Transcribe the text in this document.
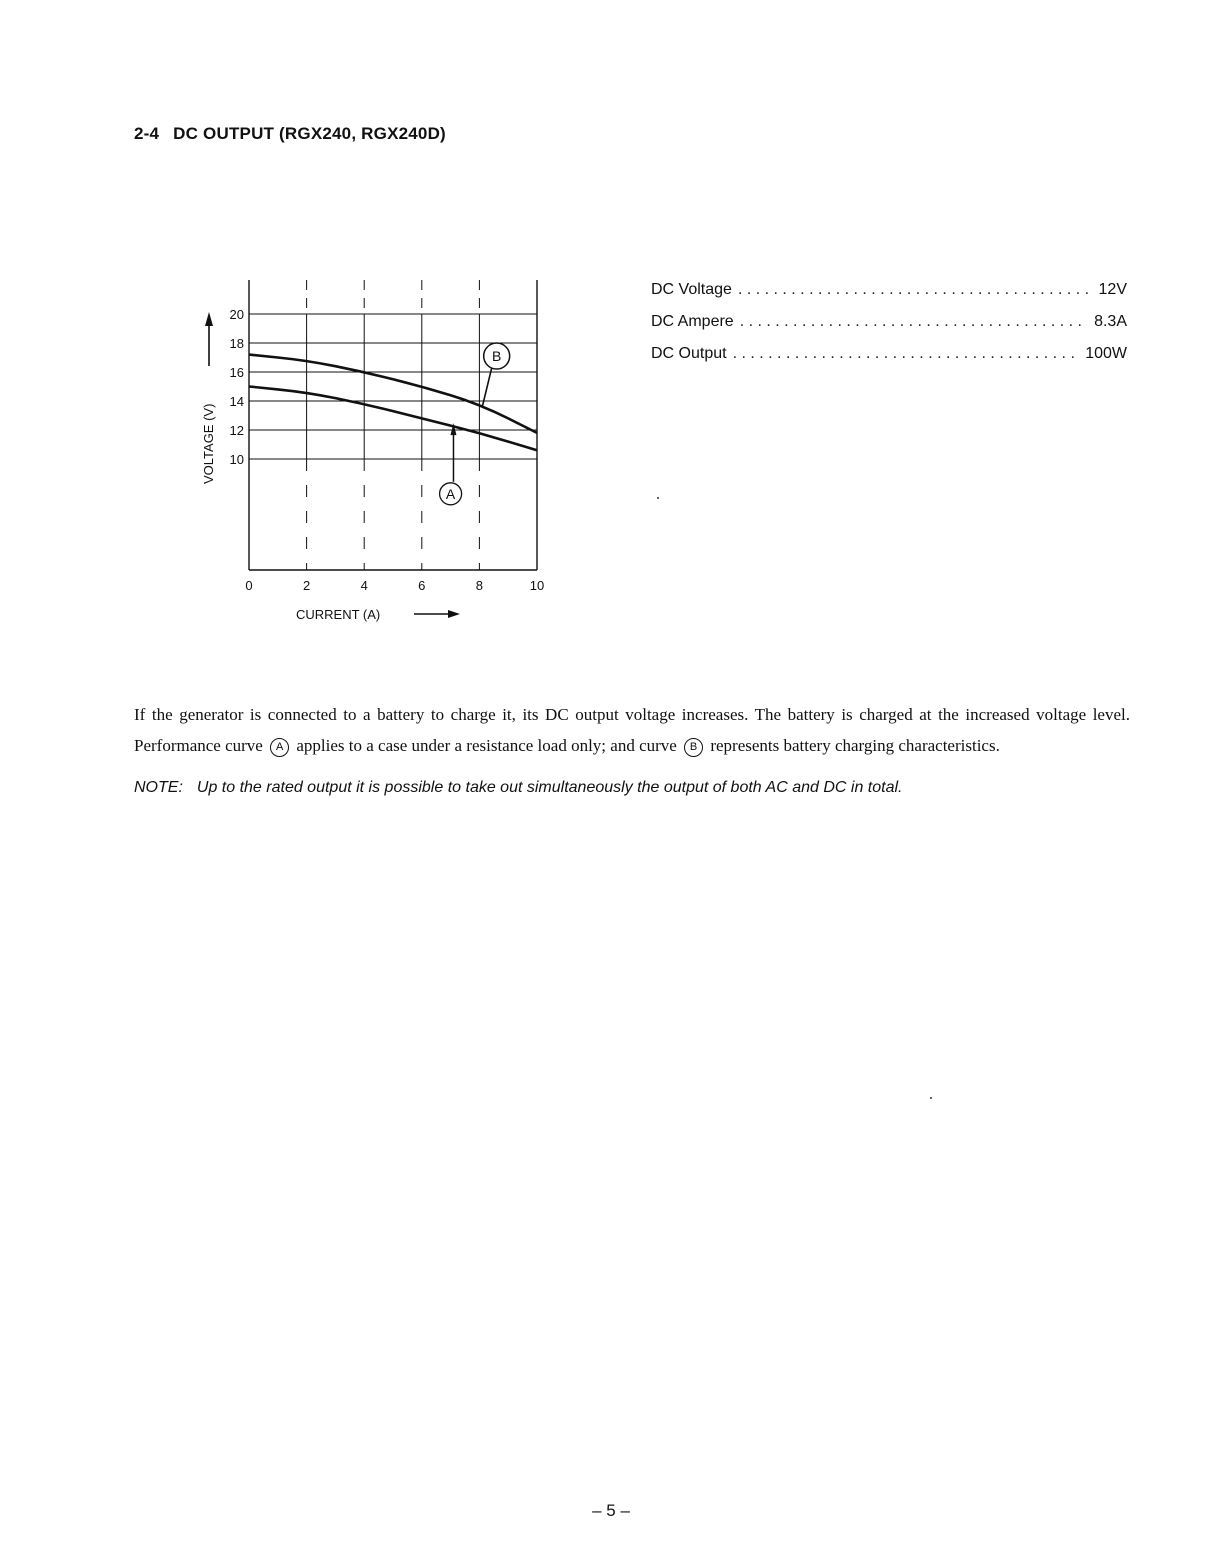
2-4 DC OUTPUT (RGX240, RGX240D)
20
18
16
14
12
10
0	2	4	6	8	10
B
A
CURRENT (A)
VOLTAGE (V)
DC Voltage . . .	12V
DC Ampere . . .	8.3A
DC Output . . .	100W

If the generator is connected to a battery to charge it, its DC output voltage increases. The battery is charged at the increased voltage level. Performance curve A applies to a case under a resistance load only; and curve B represents battery charging characteristics.

NOTE: Up to the rated output it is possible to take out simultaneously the output of both AC and DC in total.
– 5 –
